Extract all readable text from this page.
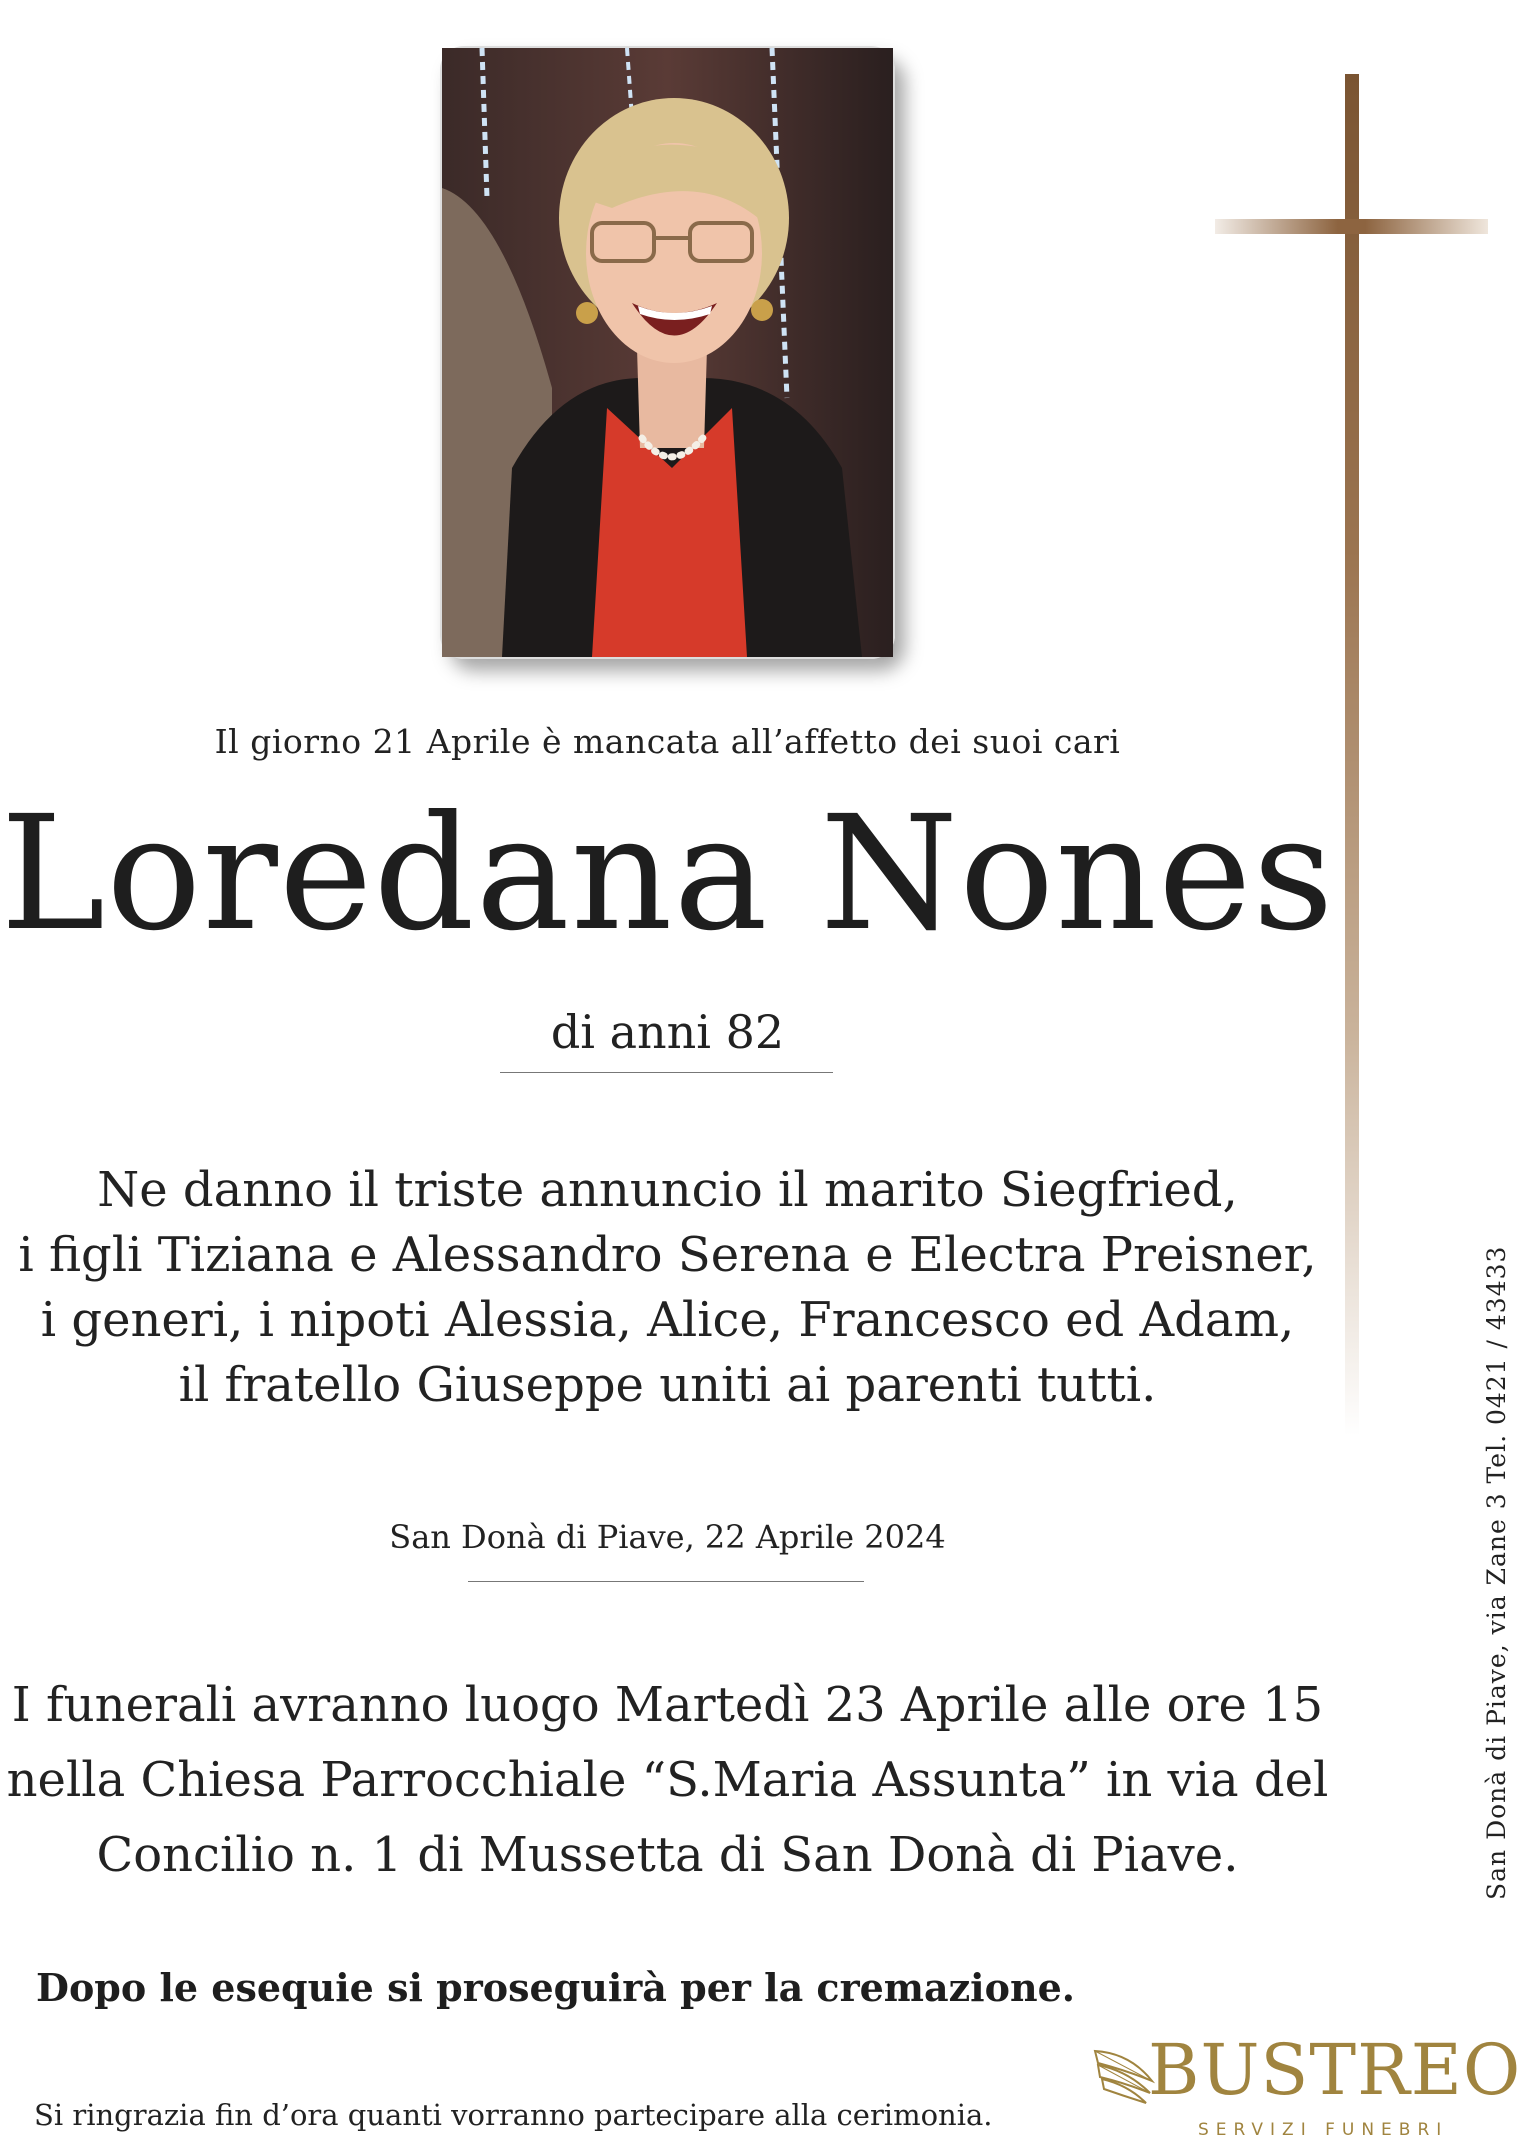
Il giorno 21 Aprile è mancata all’affetto dei suoi cari
Loredana Nones
di anni 82
Ne danno il triste annuncio il marito Siegfried,
i figli Tiziana e Alessandro Serena e Electra Preisner,
i generi, i nipoti Alessia, Alice, Francesco ed Adam,
il fratello Giuseppe uniti ai parenti tutti.
San Donà di Piave, 22 Aprile 2024
I funerali avranno luogo Martedì 23 Aprile alle ore 15
nella Chiesa Parrocchiale “S.Maria Assunta” in via del
Concilio n. 1 di Mussetta di San Donà di Piave.
Dopo le esequie si proseguirà per la cremazione.
Si ringrazia fin d’ora quanti vorranno partecipare alla cerimonia.
San Donà di Piave, via Zane 3 Tel. 0421 / 43433
BUSTREO
SERVIZI FUNEBRI
